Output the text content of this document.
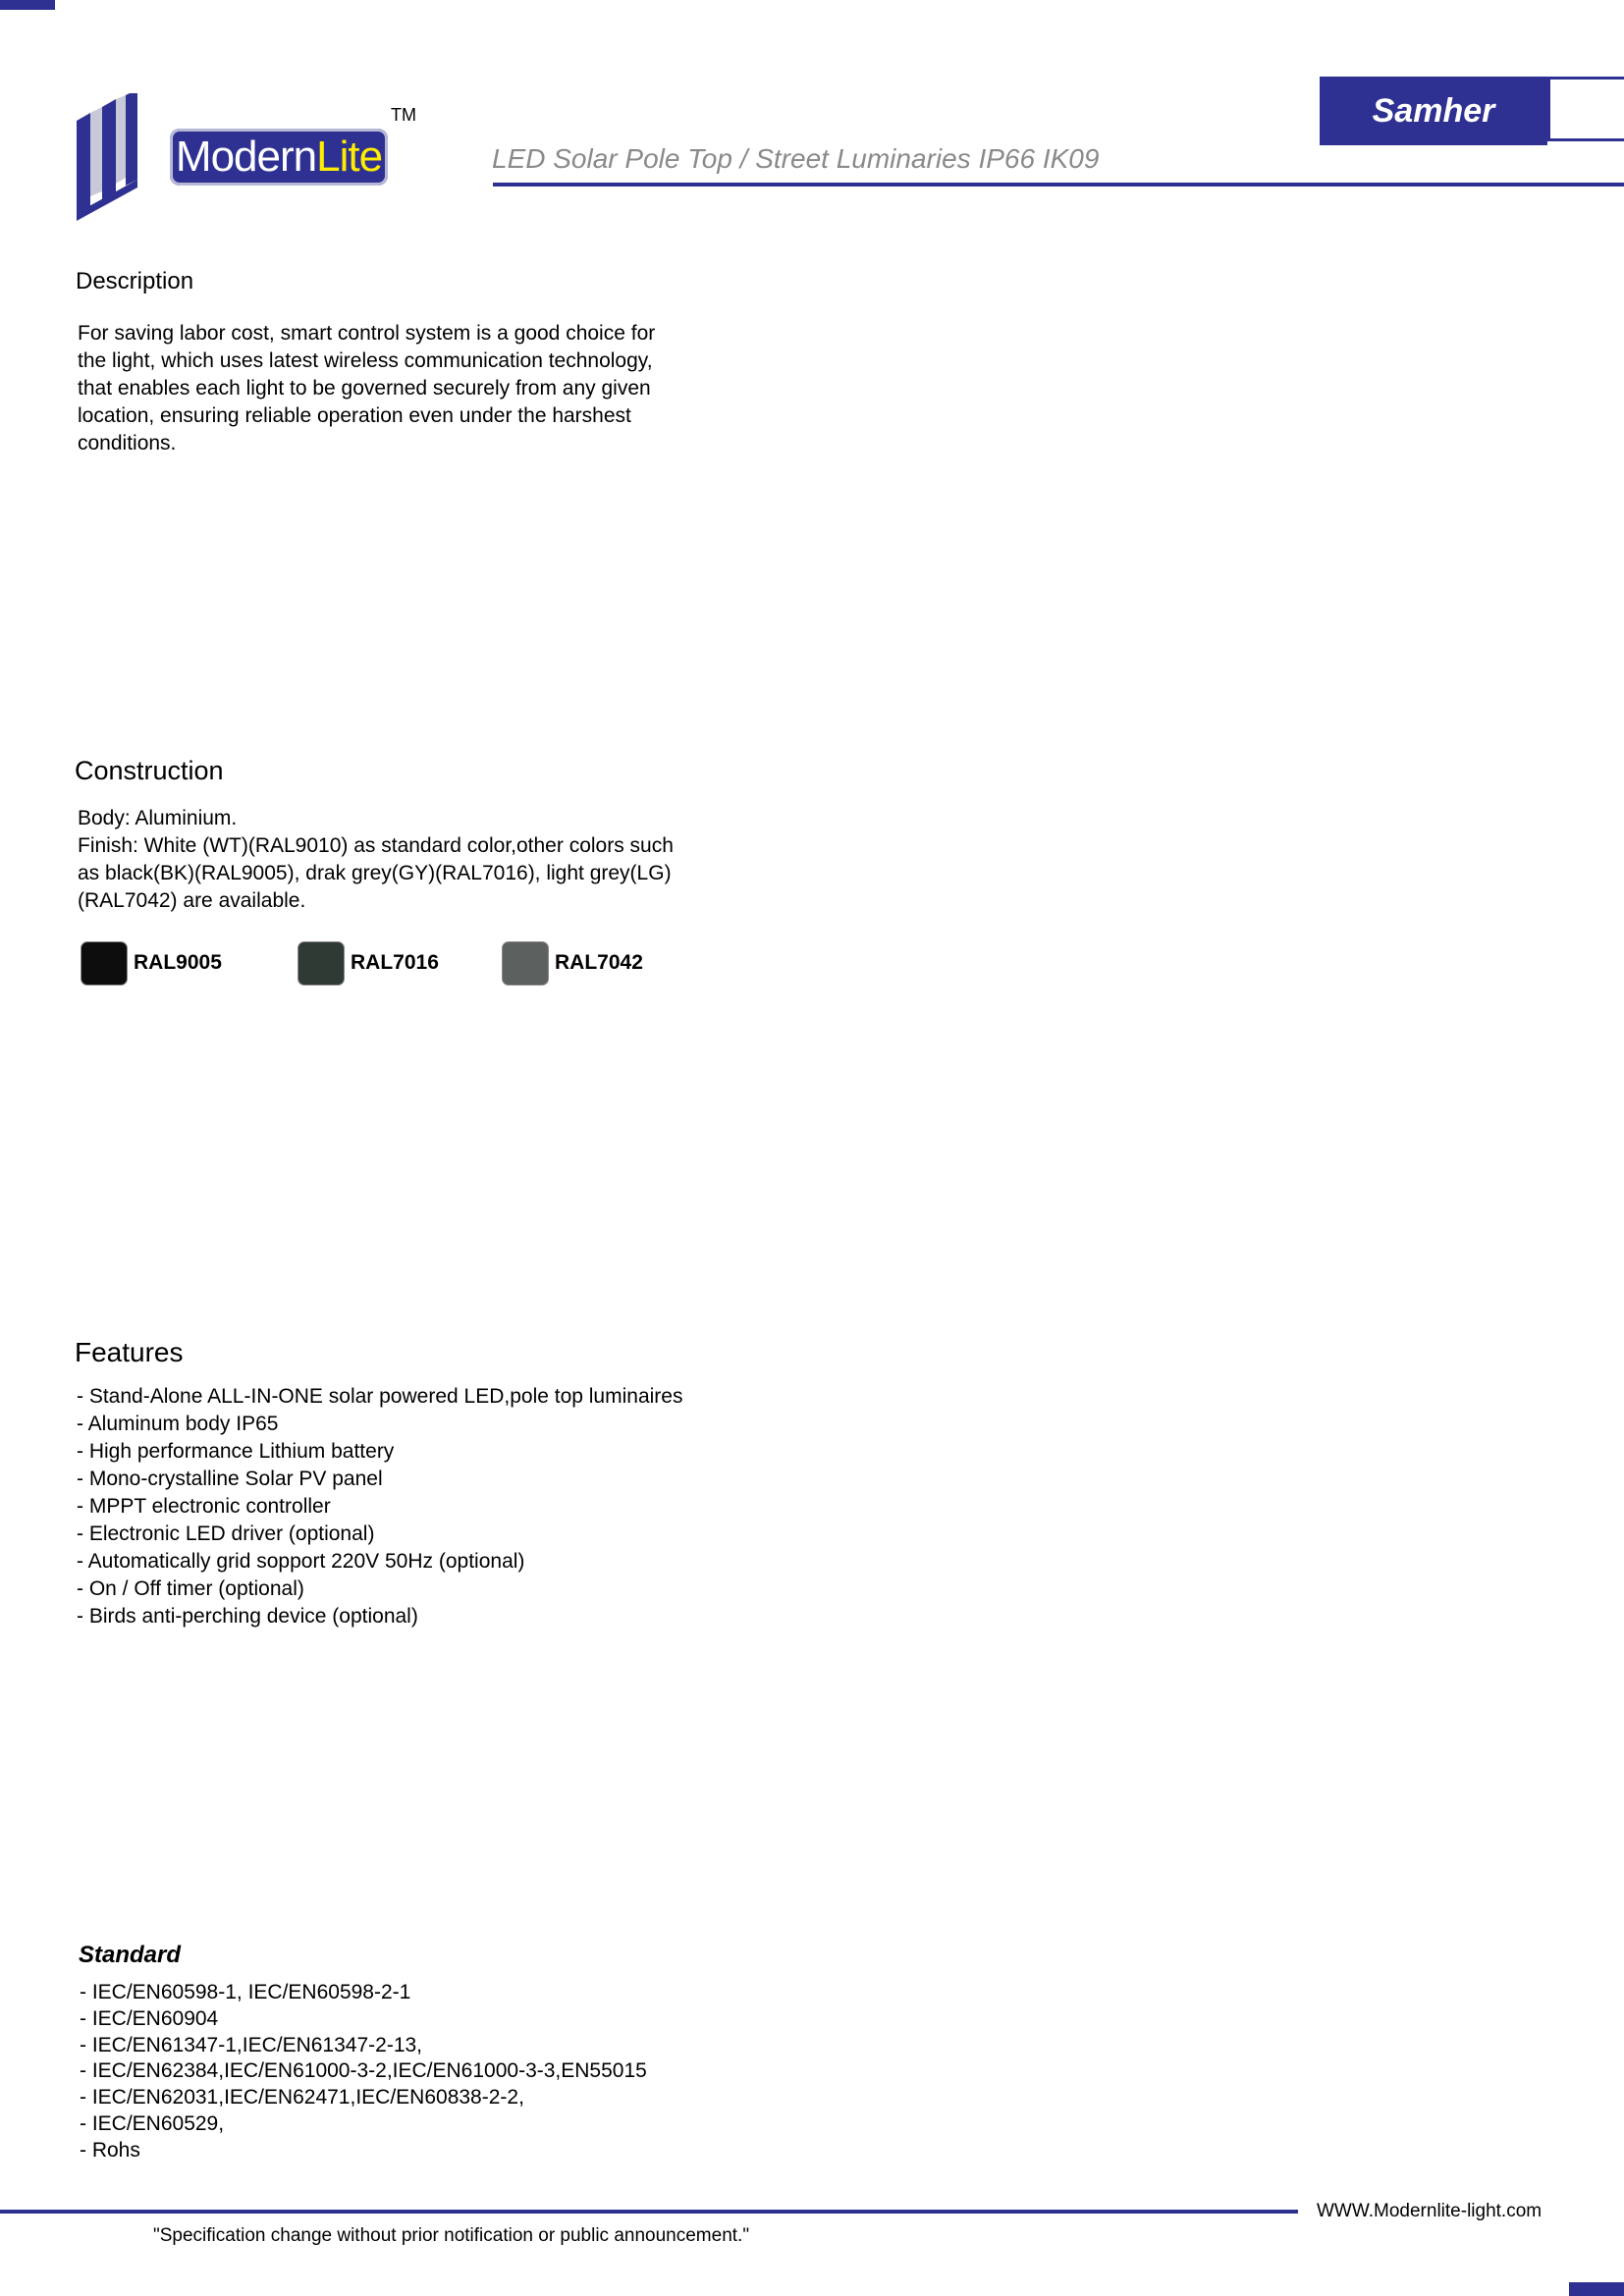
ModernLite
TM	Samher
LED Solar Pole Top / Street Luminaries IP66 IK09
Description
For saving labor cost, smart control system is a good choice for
the light, which uses latest wireless communication technology,
that enables each light to be governed securely from any given
location, ensuring reliable operation even under the harshest
conditions.
Construction
Body: Aluminium.
Finish: White (WT)(RAL9010) as standard color,other colors such
as black(BK)(RAL9005), drak grey(GY)(RAL7016), light grey(LG)
(RAL7042) are available.
RAL9005	RAL7016	RAL7042
Features
- Stand-Alone ALL-IN-ONE solar powered LED,pole top luminaires
- Aluminum body IP65
- High performance Lithium battery
- Mono-crystalline Solar PV panel
- MPPT electronic controller
- Electronic LED driver (optional)
- Automatically grid sopport 220V 50Hz (optional)
- On / Off timer (optional)
- Birds anti-perching device (optional)
Standard
- IEC/EN60598-1, IEC/EN60598-2-1
- IEC/EN60904
- IEC/EN61347-1,IEC/EN61347-2-13,
- IEC/EN62384,IEC/EN61000-3-2,IEC/EN61000-3-3,EN55015
- IEC/EN62031,IEC/EN62471,IEC/EN60838-2-2,
- IEC/EN60529,
- Rohs
WWW.Modernlite-light.com
"Specification change without prior notification or public announcement."
